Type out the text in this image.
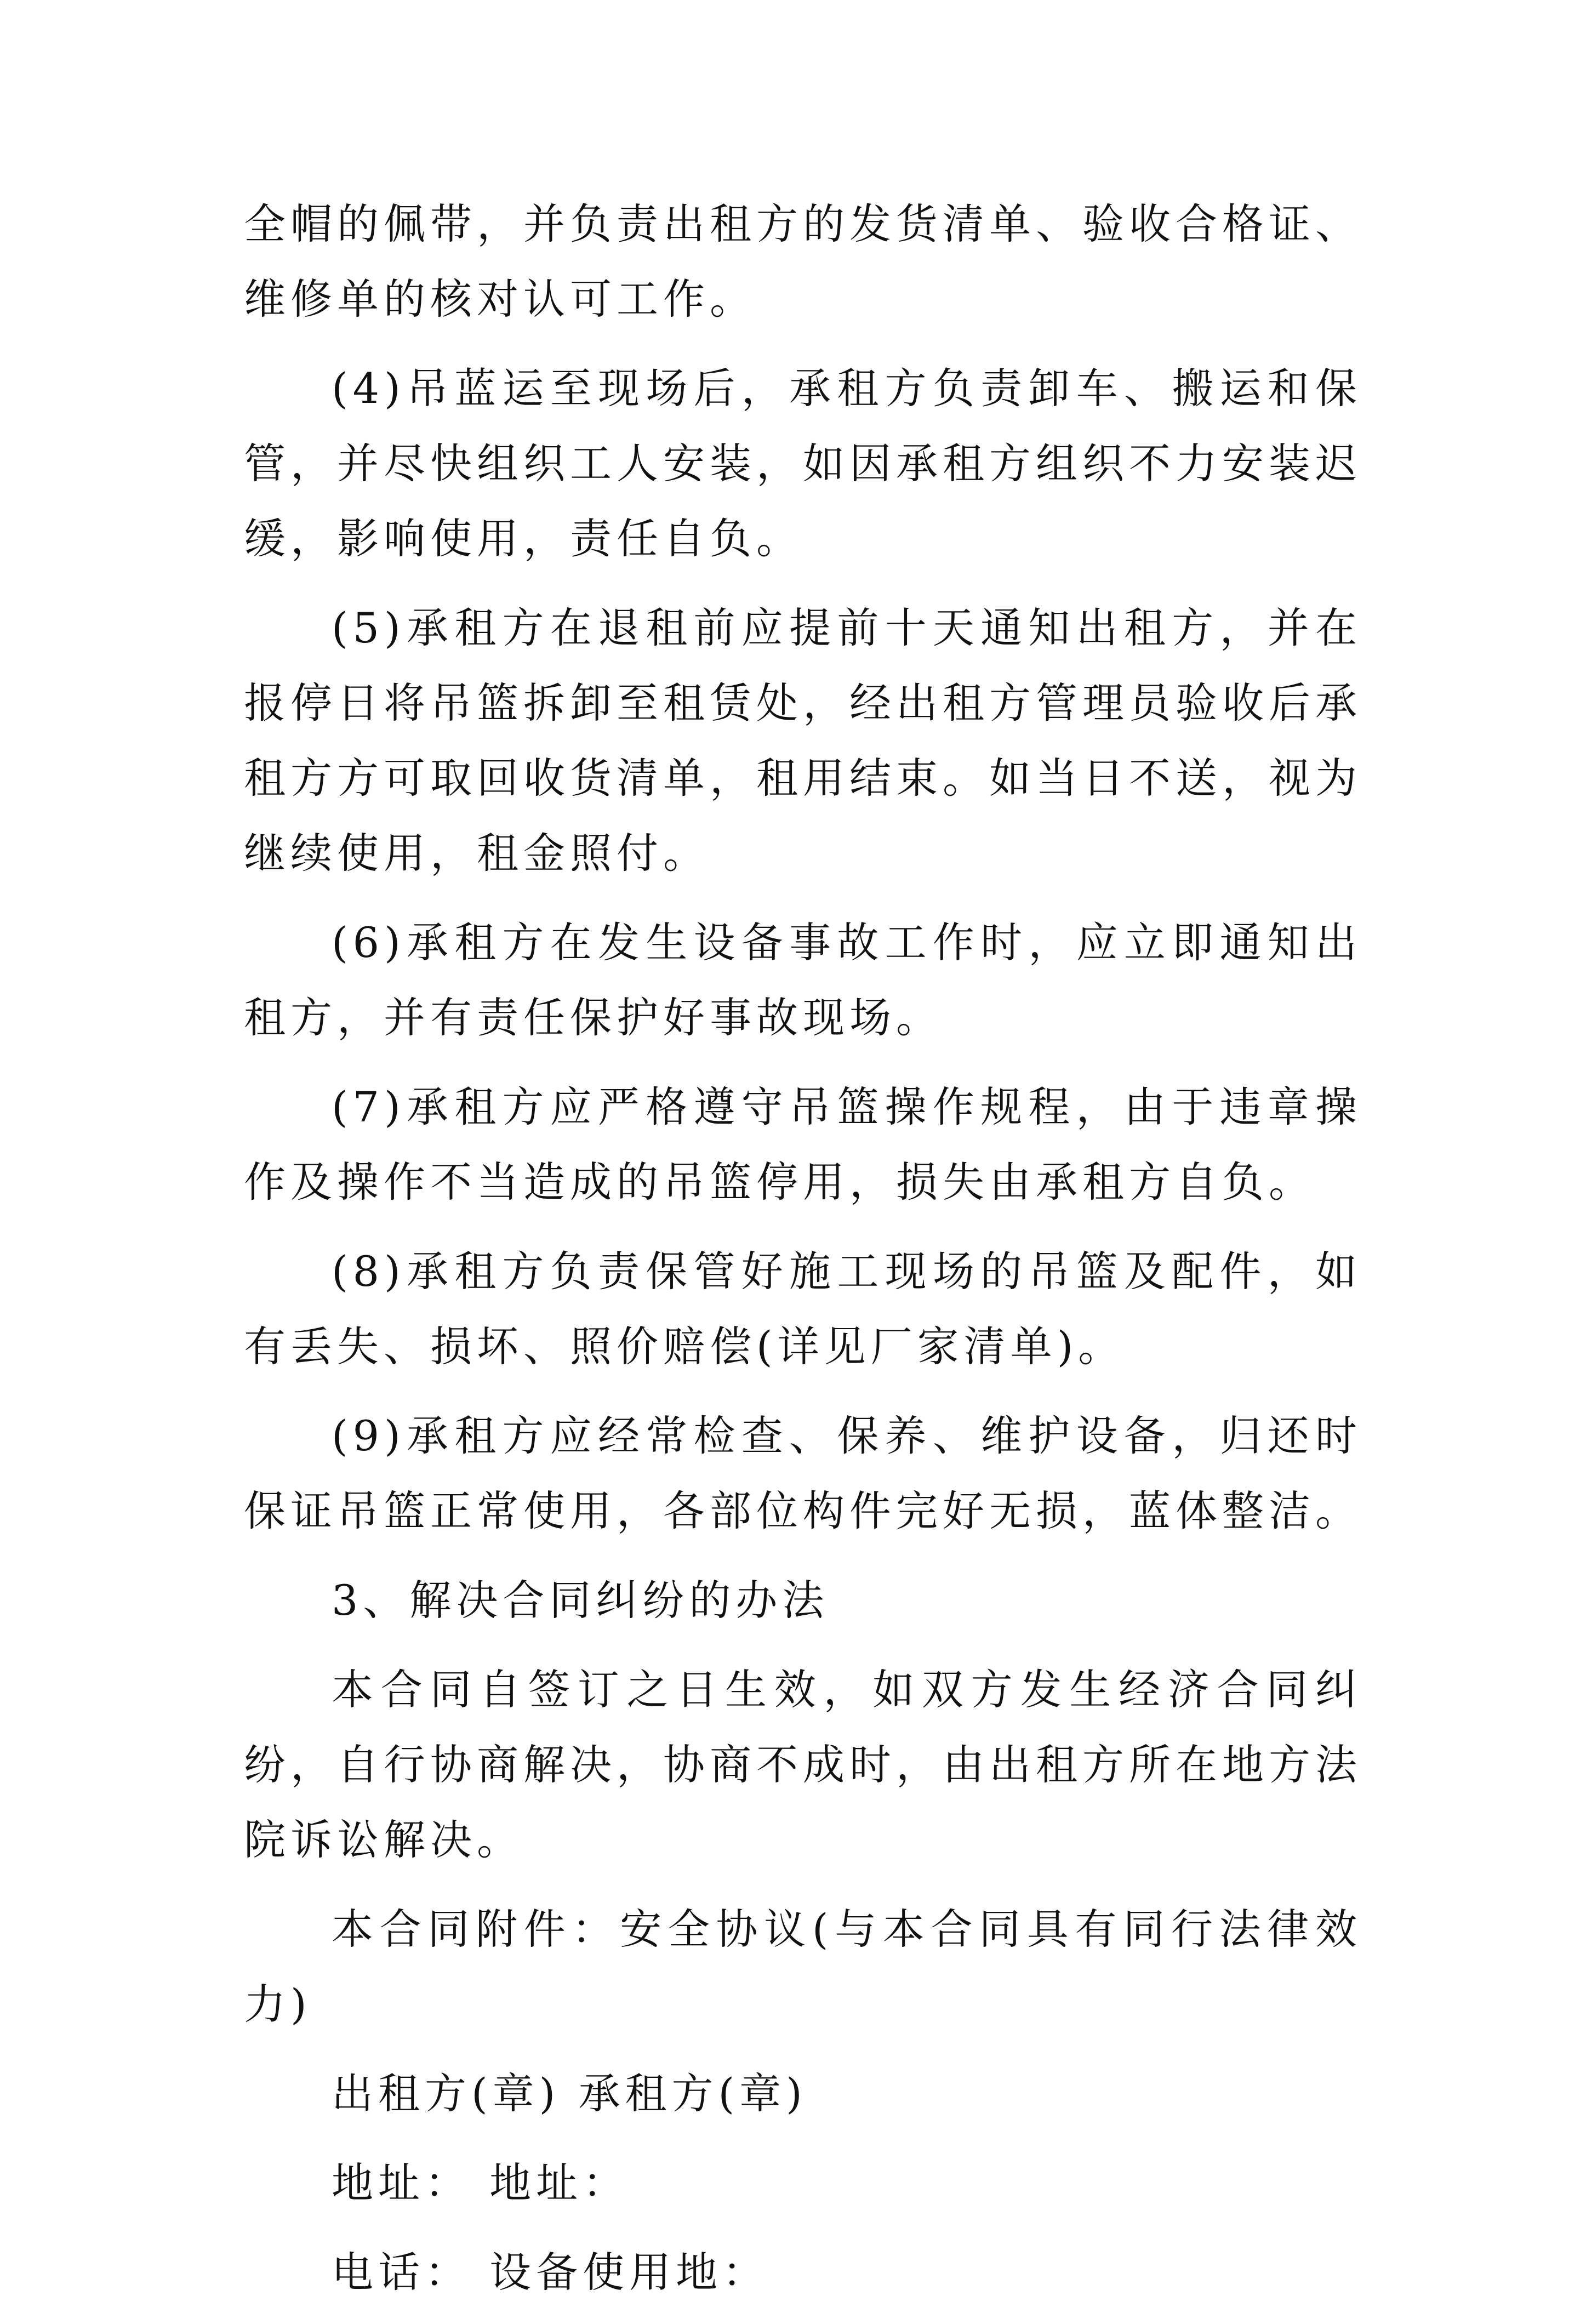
全帽的佩带，并负责出租方的发货清单、验收合格证、维修单的核对认可工作。

(4)吊蓝运至现场后，承租方负责卸车、搬运和保管，并尽快组织工人安装，如因承租方组织不力安装迟缓，影响使用，责任自负。

(5)承租方在退租前应提前十天通知出租方，并在报停日将吊篮拆卸至租赁处，经出租方管理员验收后承租方方可取回收货清单，租用结束。如当日不送，视为继续使用，租金照付。

(6)承租方在发生设备事故工作时，应立即通知出租方，并有责任保护好事故现场。

(7)承租方应严格遵守吊篮操作规程，由于违章操作及操作不当造成的吊篮停用，损失由承租方自负。

(8)承租方负责保管好施工现场的吊篮及配件，如有丢失、损坏、照价赔偿(详见厂家清单)。

(9)承租方应经常检查、保养、维护设备，归还时保证吊篮正常使用，各部位构件完好无损，蓝体整洁。

3、解决合同纠纷的办法

本合同自签订之日生效，如双方发生经济合同纠纷，自行协商解决，协商不成时，由出租方所在地方法院诉讼解决。

本合同附件：安全协议(与本合同具有同行法律效力)

出租方(章) 承租方(章)

地址： 地址：

电话： 设备使用地：
